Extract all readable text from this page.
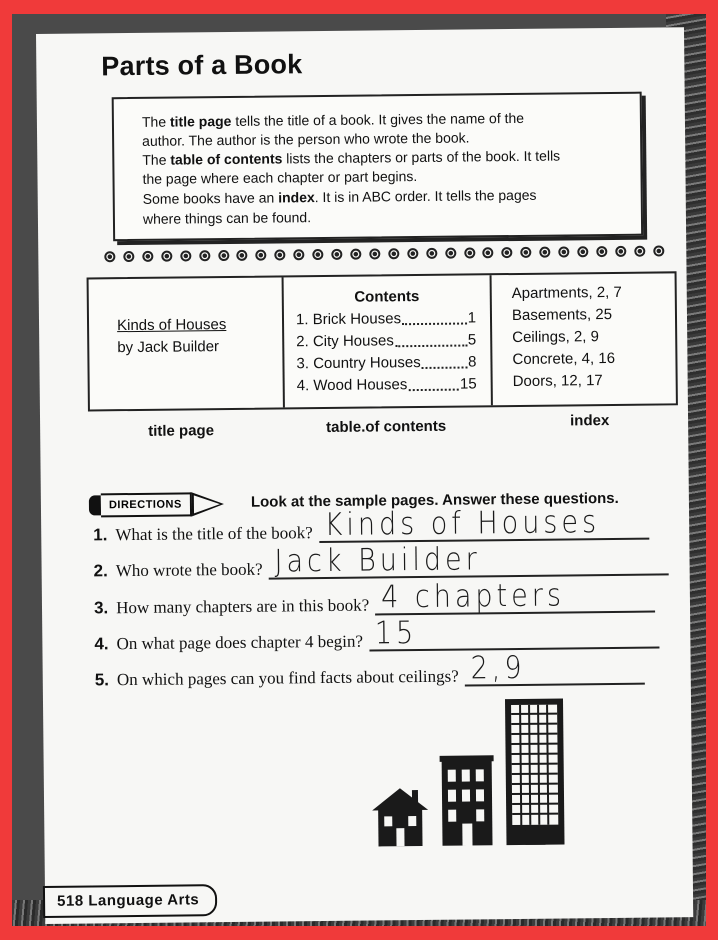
Parts of a Book

The title page tells the title of a book. It gives the name of the

author. The author is the person who wrote the book.

The table of contents lists the chapters or parts of the book. It tells

the page where each chapter or part begins.

Some books have an index. It is in ABC order. It tells the pages

where things can be found.

Kinds of Houses
by Jack Builder
Contents
1. Brick Houses	1
2. City Houses	5
3. Country Houses	8
4. Wood Houses	15
Apartments, 2, 7
Basements, 25
Ceilings, 2, 9
Concrete, 4, 16
Doors, 12, 17
title page	table.of contents	index
DIRECTIONS	Look at the sample pages. Answer these questions.
1. What is the title of the book? Kinds of Houses
2. Who wrote the book? Jack Builder
3. How many chapters are in this book? 4 chapters
4. On what page does chapter 4 begin? 15
5. On which pages can you find facts about ceilings? 2,9
518 Language Arts
